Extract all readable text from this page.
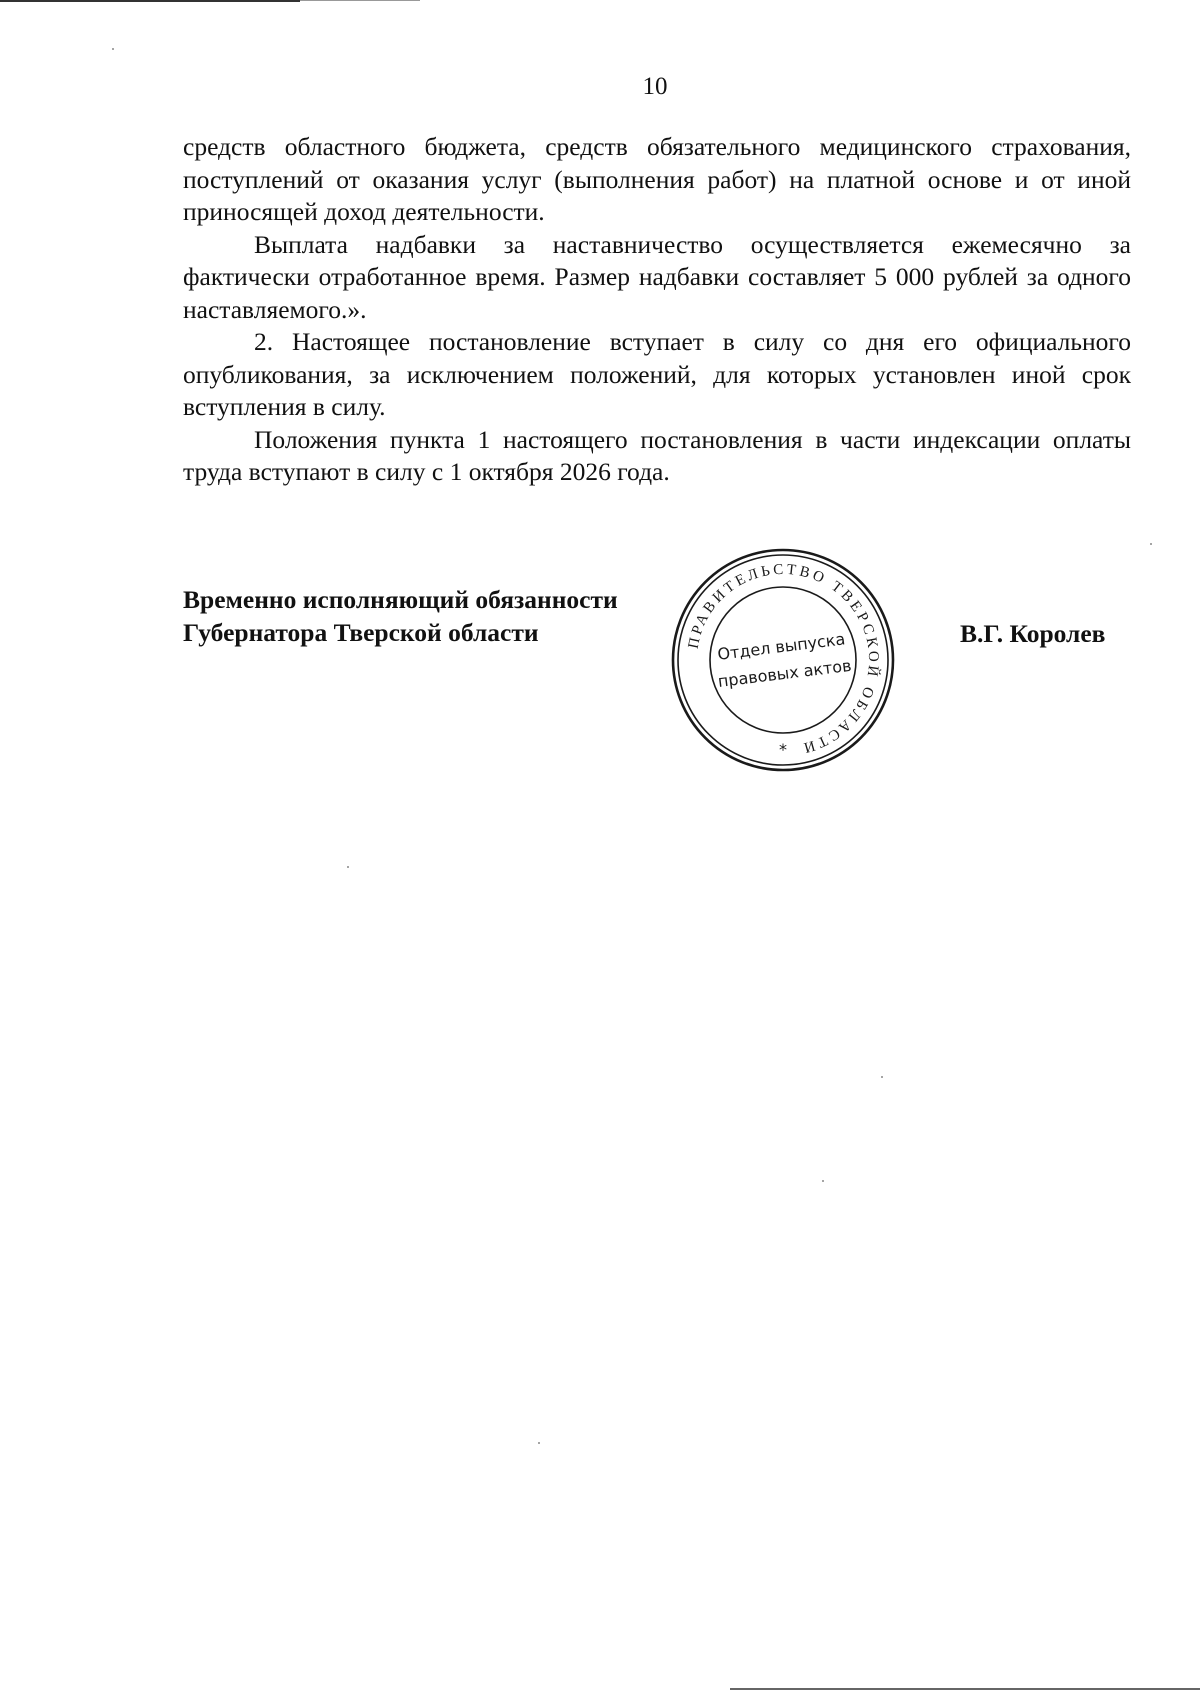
10

средств областного бюджета, средств обязательного медицинского страхования, поступлений от оказания услуг (выполнения работ) на платной основе и от иной приносящей доход деятельности.

Выплата надбавки за наставничество осуществляется ежемесячно за фактически отработанное время. Размер надбавки составляет 5 000 рублей за одного наставляемого.».

2. Настоящее постановление вступает в силу со дня его официального опубликования, за исключением положений, для которых установлен иной срок вступления в силу.

Положения пункта 1 настоящего постановления в части индексации оплаты труда вступают в силу с 1 октября 2026 года.

Временно исполняющий обязанности
Губернатора Тверской области	В.Г. Королев
ПРАВИТЕЛЬСТВО ТВЕРСКОЙ ОБЛАСТИ
Отдел выпуска
правовых актов
*
